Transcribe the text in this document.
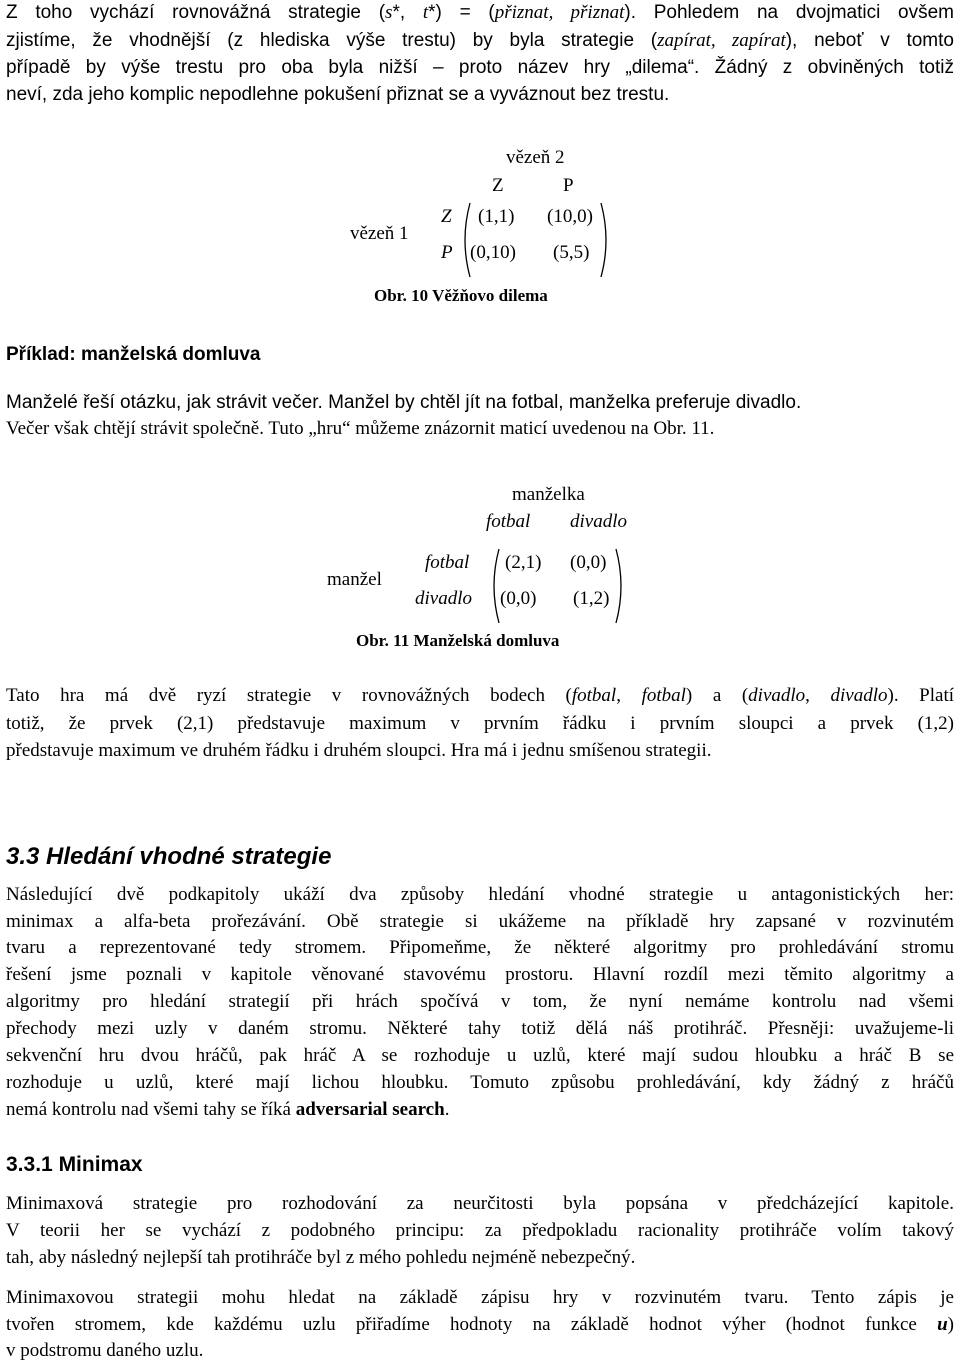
Z toho vychází rovnovážná strategie (s*, t*) = (přiznat, přiznat). Pohledem na dvojmatici ovšem
zjistíme, že vhodnější (z hlediska výše trestu) by byla strategie (zapírat, zapírat), neboť v tomto
případě by výše trestu pro oba byla nižší – proto název hry „dilema“. Žádný z obviněných totiž
neví, zda jeho komplic nepodlehne pokušení přiznat se a vyváznout bez trestu.
vězeň 2
Z	P
vězeň 1
Z
P
(1,1) (10,0)
(0,10) (5,5)
Obr. 10 Věžňovo dilema
Příklad: manželská domluva
Manželé řeší otázku, jak strávit večer. Manžel by chtěl jít na fotbal, manželka preferuje divadlo.
Večer však chtějí strávit společně. Tuto „hru“ můžeme znázornit maticí uvedenou na Obr. 11.
manželka
fotbal divadlo
manžel
fotbal
divadlo
(2,1) (0,0)
(0,0) (1,2)
Obr. 11 Manželská domluva
Tato hra má dvě ryzí strategie v rovnovážných bodech (fotbal, fotbal) a (divadlo, divadlo). Platí
totiž, že prvek (2,1) představuje maximum v prvním řádku i prvním sloupci a prvek (1,2)
představuje maximum ve druhém řádku i druhém sloupci. Hra má i jednu smíšenou strategii.
3.3 Hledání vhodné strategie
Následující dvě podkapitoly ukáží dva způsoby hledání vhodné strategie u antagonistických her:
minimax a alfa-beta prořezávání. Obě strategie si ukážeme na příkladě hry zapsané v rozvinutém
tvaru a reprezentované tedy stromem. Připomeňme, že některé algoritmy pro prohledávání stromu
řešení jsme poznali v kapitole věnované stavovému prostoru. Hlavní rozdíl mezi těmito algoritmy a
algoritmy pro hledání strategií při hrách spočívá v tom, že nyní nemáme kontrolu nad všemi
přechody mezi uzly v daném stromu. Některé tahy totiž dělá náš protihráč. Přesněji: uvažujeme-li
sekvenční hru dvou hráčů, pak hráč A se rozhoduje u uzlů, které mají sudou hloubku a hráč B se
rozhoduje u uzlů, které mají lichou hloubku. Tomuto způsobu prohledávání, kdy žádný z hráčů
nemá kontrolu nad všemi tahy se říká adversarial search.
3.3.1 Minimax
Minimaxová strategie pro rozhodování za neurčitosti byla popsána v předcházející kapitole.
V teorii her se vychází z podobného principu: za předpokladu racionality protihráče volím takový
tah, aby následný nejlepší tah protihráče byl z mého pohledu nejméně nebezpečný.
Minimaxovou strategii mohu hledat na základě zápisu hry v rozvinutém tvaru. Tento zápis je
tvořen stromem, kde každému uzlu přiřadíme hodnoty na základě hodnot výher (hodnot funkce u)
v podstromu daného uzlu.
